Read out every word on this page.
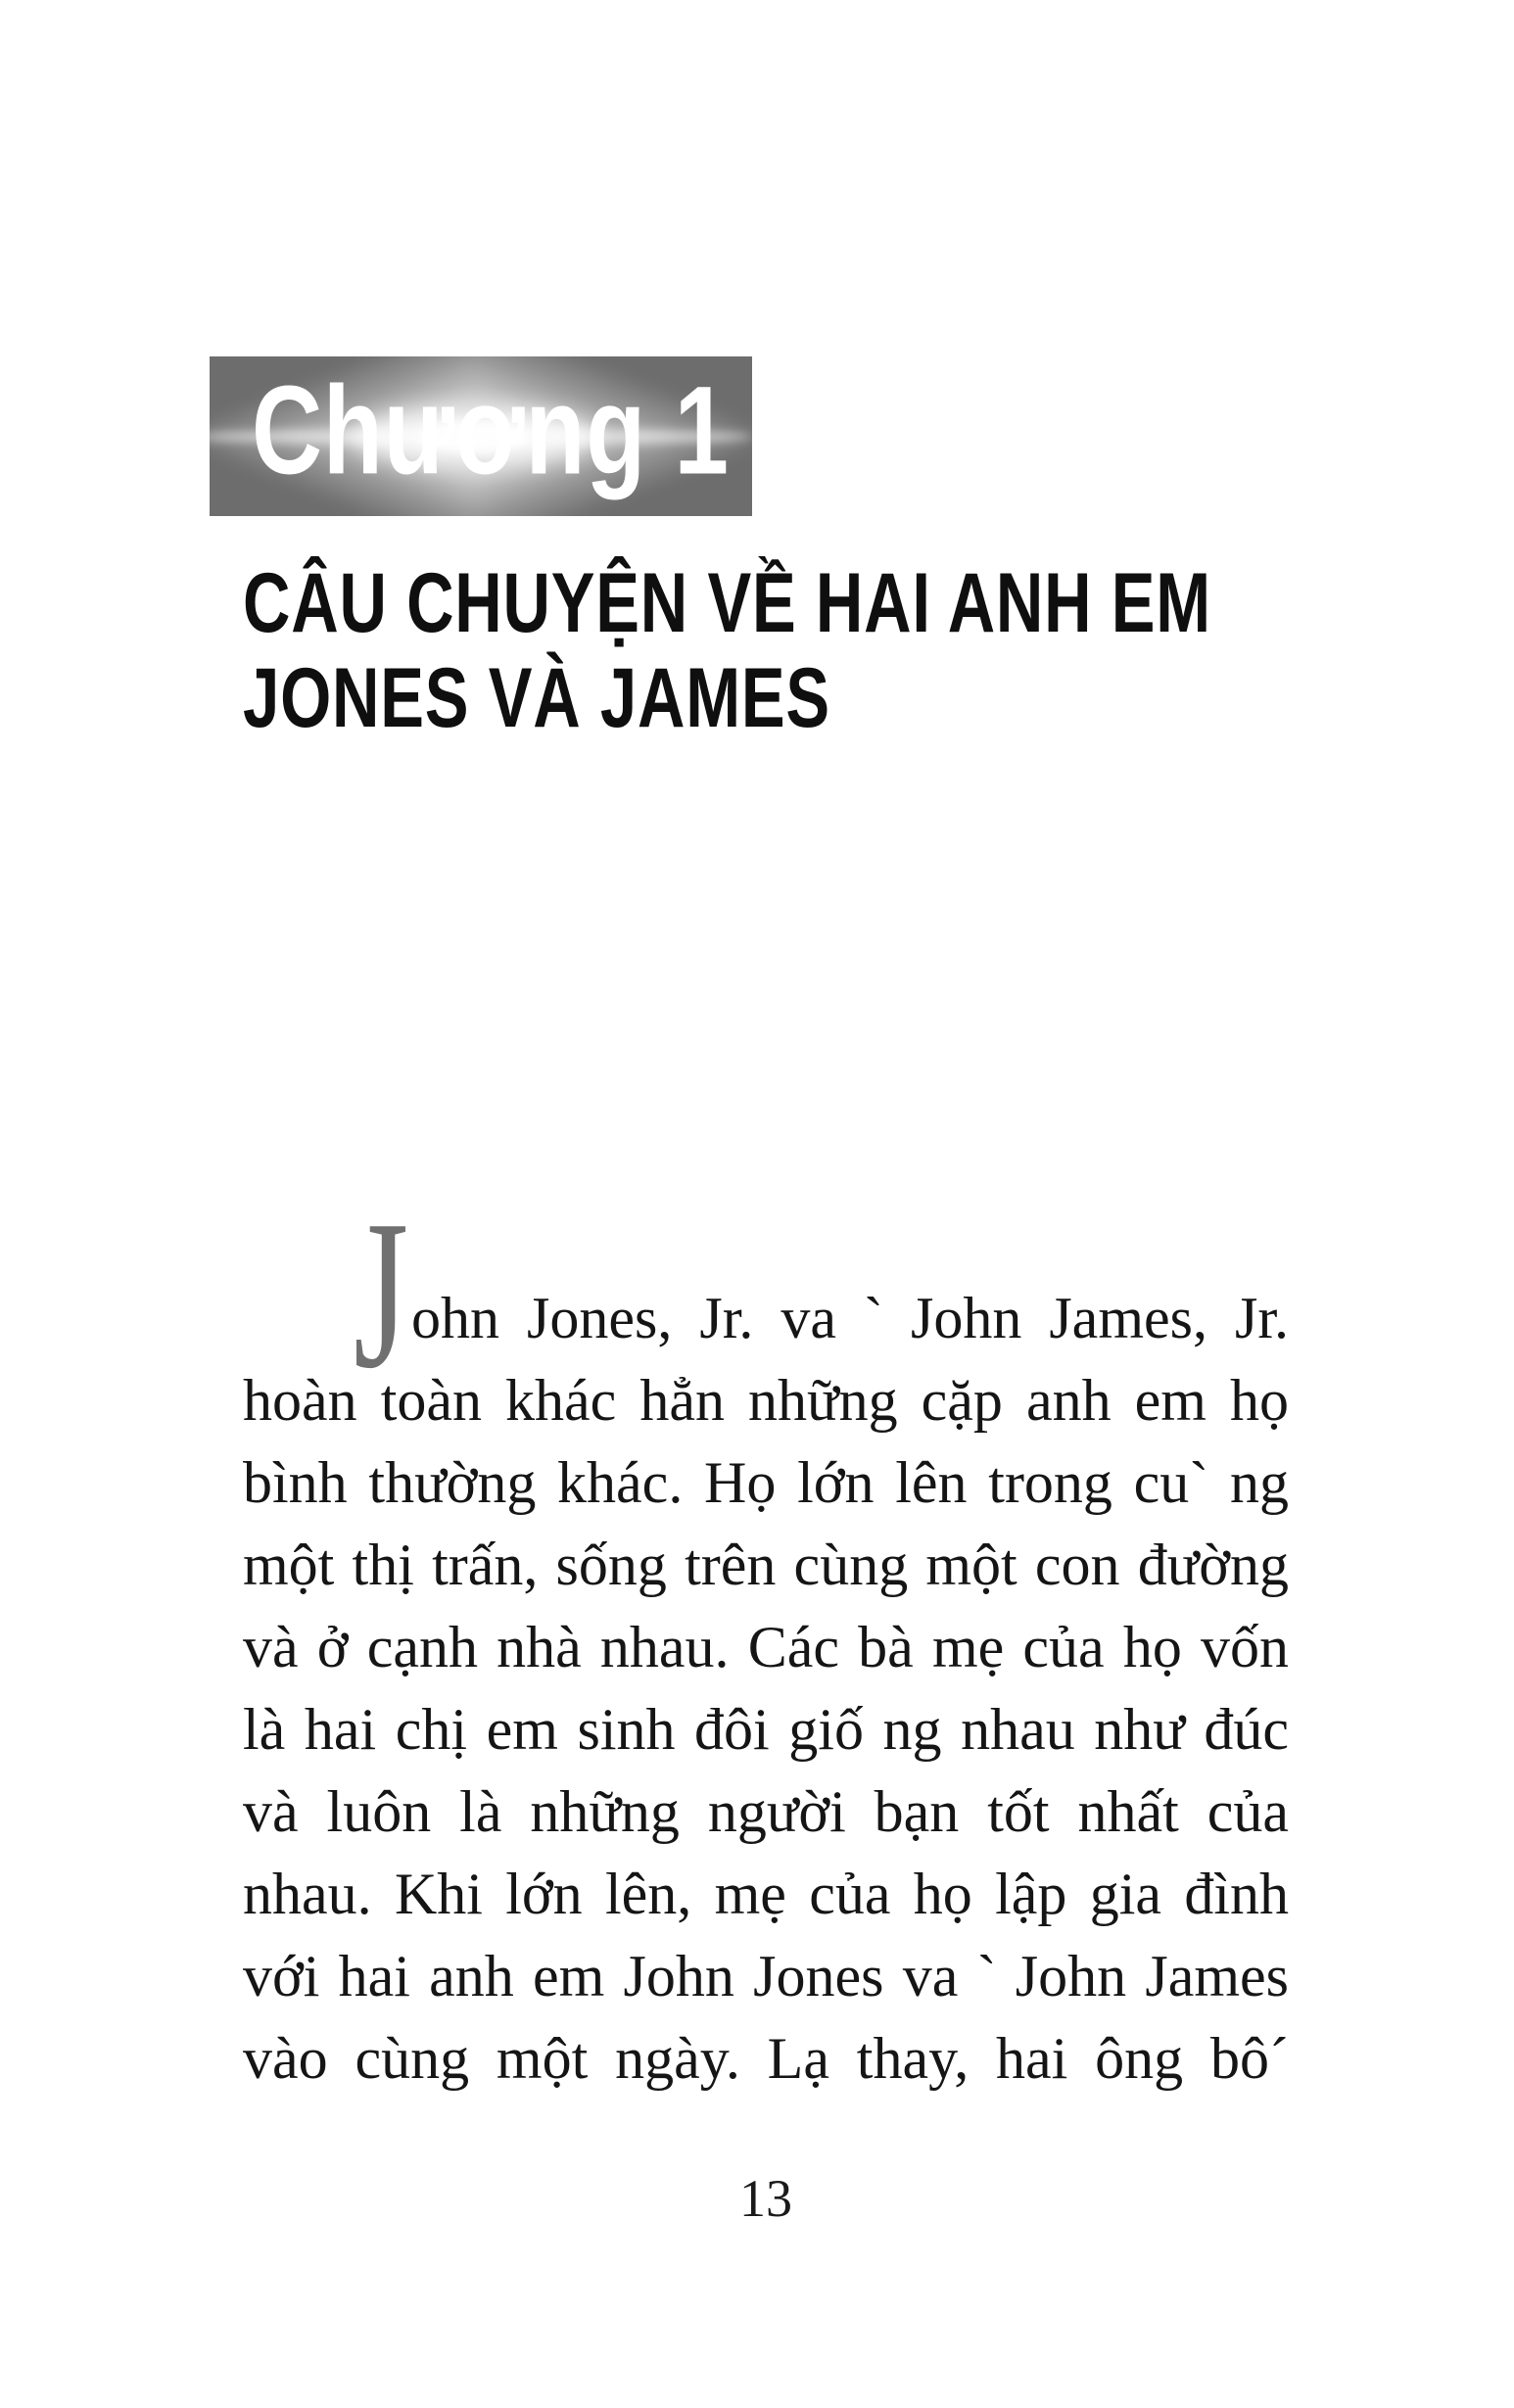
Chương 1
CÂU CHUYỆN VỀ HAI ANH EM
JONES VÀ JAMES
J ohn Jones, Jr. va ` John James, Jr.
hoàn toàn khác hẳn những cặp anh em họ
bình thường khác. Họ lớn lên trong cu` ng
một thị trấn, sống trên cùng một con đường
và ở cạnh nhà nhau. Các bà mẹ của họ vốn
là hai chị em sinh đôi giố ng nhau như đúc
và luôn là những người bạn tốt nhất của
nhau. Khi lớn lên, mẹ của họ lập gia đình
với hai anh em John Jones va ` John James
vào cùng một ngày. Lạ thay, hai ông bô´
13
